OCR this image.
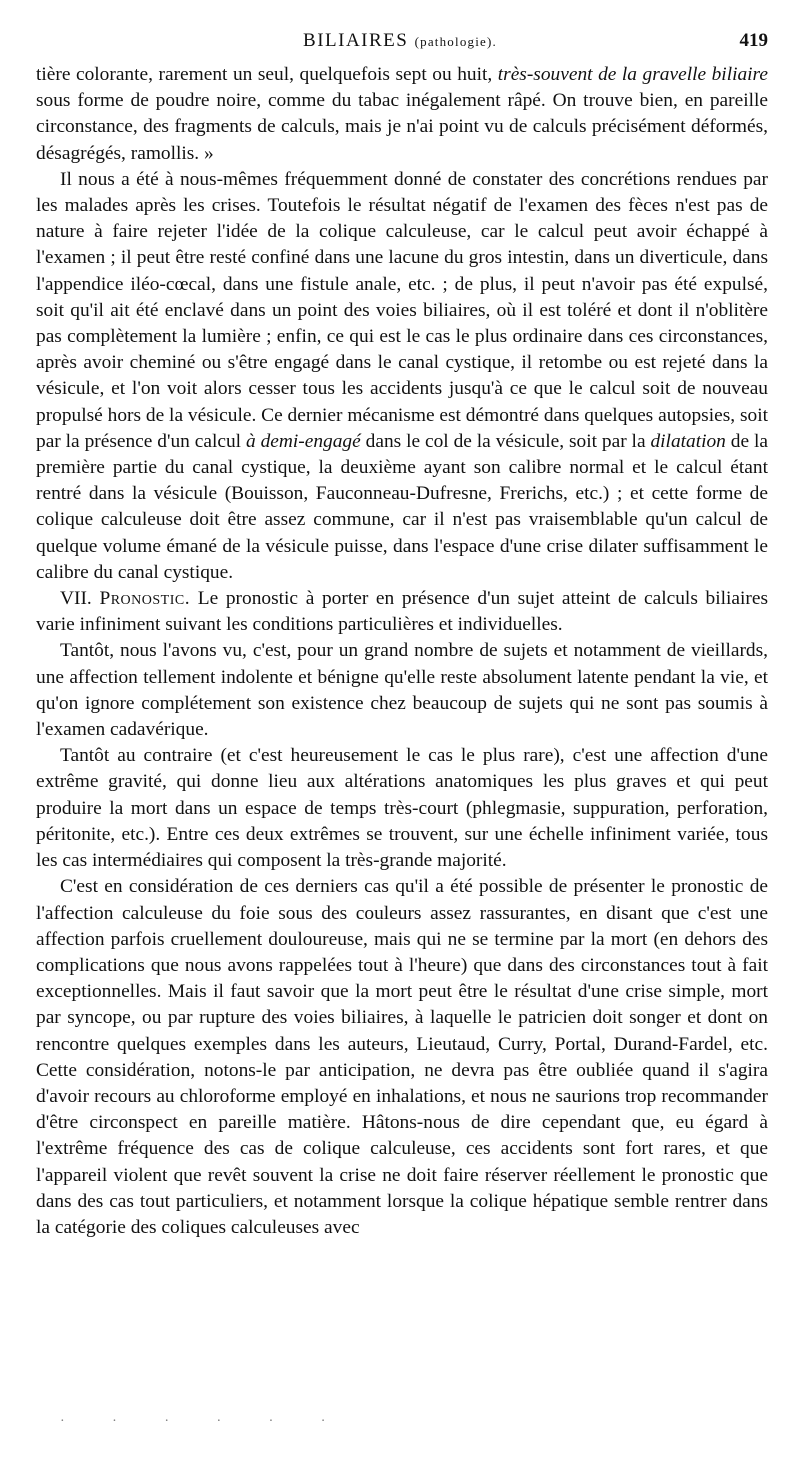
BILIAIRES (pathologie).	419

tière colorante, rarement un seul, quelquefois sept ou huit, très-souvent de la gravelle biliaire sous forme de poudre noire, comme du tabac inégalement râpé. On trouve bien, en pareille circonstance, des fragments de calculs, mais je n'ai point vu de calculs précisément déformés, désagrégés, ramollis. »

Il nous a été à nous-mêmes fréquemment donné de constater des concrétions rendues par les malades après les crises. Toutefois le résultat négatif de l'examen des fèces n'est pas de nature à faire rejeter l'idée de la colique calculeuse, car le calcul peut avoir échappé à l'examen ; il peut être resté confiné dans une lacune du gros intestin, dans un diverticule, dans l'appendice iléo-cœcal, dans une fistule anale, etc. ; de plus, il peut n'avoir pas été expulsé, soit qu'il ait été enclavé dans un point des voies biliaires, où il est toléré et dont il n'oblitère pas complètement la lumière ; enfin, ce qui est le cas le plus ordinaire dans ces circonstances, après avoir cheminé ou s'être engagé dans le canal cystique, il retombe ou est rejeté dans la vésicule, et l'on voit alors cesser tous les accidents jusqu'à ce que le calcul soit de nouveau propulsé hors de la vésicule. Ce dernier mécanisme est démontré dans quelques autopsies, soit par la présence d'un calcul à demi-engagé dans le col de la vésicule, soit par la dilatation de la première partie du canal cystique, la deuxième ayant son calibre normal et le calcul étant rentré dans la vésicule (Bouisson, Fauconneau-Dufresne, Frerichs, etc.) ; et cette forme de colique calculeuse doit être assez commune, car il n'est pas vraisemblable qu'un calcul de quelque volume émané de la vésicule puisse, dans l'espace d'une crise dilater suffisamment le calibre du canal cystique.

VII. Pronostic. Le pronostic à porter en présence d'un sujet atteint de calculs biliaires varie infiniment suivant les conditions particulières et individuelles.

Tantôt, nous l'avons vu, c'est, pour un grand nombre de sujets et notamment de vieillards, une affection tellement indolente et bénigne qu'elle reste absolument latente pendant la vie, et qu'on ignore complétement son existence chez beaucoup de sujets qui ne sont pas soumis à l'examen cadavérique.

Tantôt au contraire (et c'est heureusement le cas le plus rare), c'est une affection d'une extrême gravité, qui donne lieu aux altérations anatomiques les plus graves et qui peut produire la mort dans un espace de temps très-court (phlegmasie, suppuration, perforation, péritonite, etc.). Entre ces deux extrêmes se trouvent, sur une échelle infiniment variée, tous les cas intermédiaires qui composent la très-grande majorité.

C'est en considération de ces derniers cas qu'il a été possible de présenter le pronostic de l'affection calculeuse du foie sous des couleurs assez rassurantes, en disant que c'est une affection parfois cruellement douloureuse, mais qui ne se termine par la mort (en dehors des complications que nous avons rappelées tout à l'heure) que dans des circonstances tout à fait exceptionnelles. Mais il faut savoir que la mort peut être le résultat d'une crise simple, mort par syncope, ou par rupture des voies biliaires, à laquelle le patricien doit songer et dont on rencontre quelques exemples dans les auteurs, Lieutaud, Curry, Portal, Durand-Fardel, etc. Cette considération, notons-le par anticipation, ne devra pas être oubliée quand il s'agira d'avoir recours au chloroforme employé en inhalations, et nous ne saurions trop recommander d'être circonspect en pareille matière. Hâtons-nous de dire cependant que, eu égard à l'extrême fréquence des cas de colique calculeuse, ces accidents sont fort rares, et que l'appareil violent que revêt souvent la crise ne doit faire réserver réellement le pronostic que dans des cas tout particuliers, et notamment lorsque la colique hépatique semble rentrer dans la catégorie des coliques calculeuses avec

· · · · · ·
